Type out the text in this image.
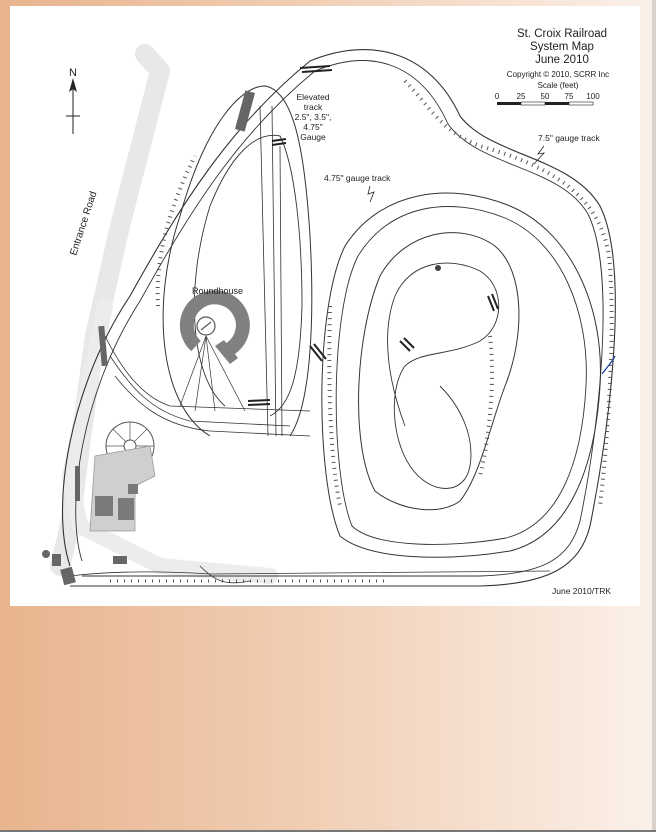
N
St. Croix Railroad
System Map
June 2010
Copyright © 2010, SCRR Inc
Scale (feet)
0 25 50 75 100
Entrance Road
Roundhouse
Elevated
track
2.5", 3.5",
4.75"
Gauge
4.75" gauge track
7.5" gauge track
June 2010/TRK
